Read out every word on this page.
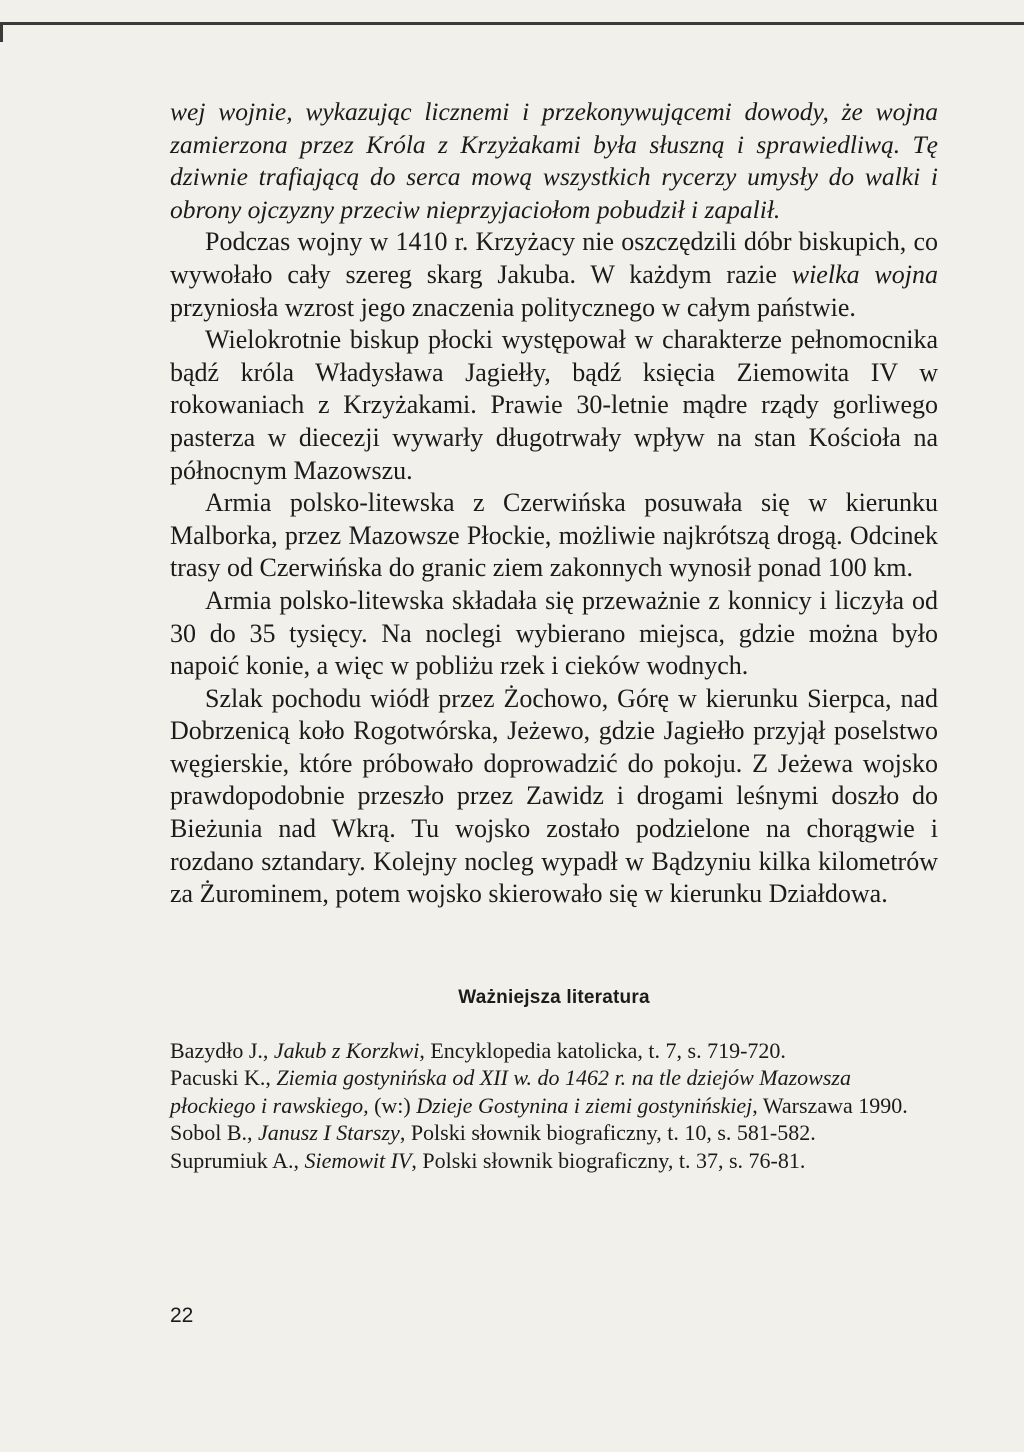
wej wojnie, wykazując licznemi i przekonywującemi dowody, że wojna zamierzona przez Króla z Krzyżakami była słuszną i sprawiedliwą. Tę dziwnie trafiającą do serca mową wszystkich rycerzy umysły do walki i obrony ojczyzny przeciw nieprzyjaciołom pobudził i zapalił.

Podczas wojny w 1410 r. Krzyżacy nie oszczędzili dóbr biskupich, co wywołało cały szereg skarg Jakuba. W każdym razie wielka wojna przyniosła wzrost jego znaczenia politycznego w całym państwie.

Wielokrotnie biskup płocki występował w charakterze pełnomocnika bądź króla Władysława Jagiełły, bądź księcia Ziemowita IV w rokowaniach z Krzyżakami. Prawie 30-letnie mądre rządy gorliwego pasterza w diecezji wywarły długotrwały wpływ na stan Kościoła na północnym Mazowszu.

Armia polsko-litewska z Czerwińska posuwała się w kierunku Malborka, przez Mazowsze Płockie, możliwie najkrótszą drogą. Odcinek trasy od Czerwińska do granic ziem zakonnych wynosił ponad 100 km.

Armia polsko-litewska składała się przeważnie z konnicy i liczyła od 30 do 35 tysięcy. Na noclegi wybierano miejsca, gdzie można było napoić konie, a więc w pobliżu rzek i cieków wodnych.

Szlak pochodu wiódł przez Żochowo, Górę w kierunku Sierpca, nad Dobrzenicą koło Rogotwórska, Jeżewo, gdzie Jagiełło przyjął poselstwo węgierskie, które próbowało doprowadzić do pokoju. Z Jeżewa wojsko prawdopodobnie przeszło przez Zawidz i drogami leśnymi doszło do Bieżunia nad Wkrą. Tu wojsko zostało podzielone na chorągwie i rozdano sztandary. Kolejny nocleg wypadł w Bądzyniu kilka kilometrów za Żurominem, potem wojsko skierowało się w kierunku Działdowa.

Ważniejsza literatura
Bazydło J., Jakub z Korzkwi, Encyklopedia katolicka, t. 7, s. 719-720.
Pacuski K., Ziemia gostynińska od XII w. do 1462 r. na tle dziejów Mazowsza płockiego i rawskiego, (w:) Dzieje Gostynina i ziemi gostynińskiej, Warszawa 1990.
Sobol B., Janusz I Starszy, Polski słownik biograficzny, t. 10, s. 581-582.
Suprumiuk A., Siemowit IV, Polski słownik biograficzny, t. 37, s. 76-81.
22
